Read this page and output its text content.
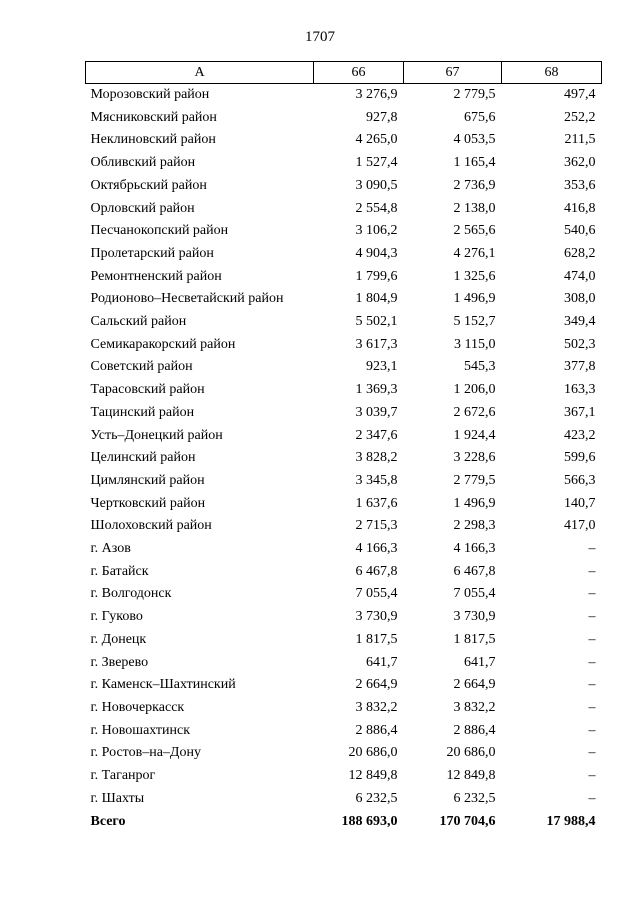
1707
А	66	67	68
Морозовский район	3 276,9	2 779,5	497,4
Мясниковский район	927,8	675,6	252,2
Неклиновский район	4 265,0	4 053,5	211,5
Обливский район	1 527,4	1 165,4	362,0
Октябрьский район	3 090,5	2 736,9	353,6
Орловский район	2 554,8	2 138,0	416,8
Песчанокопский район	3 106,2	2 565,6	540,6
Пролетарский район	4 904,3	4 276,1	628,2
Ремонтненский район	1 799,6	1 325,6	474,0
Родионово–Несветайский район	1 804,9	1 496,9	308,0
Сальский район	5 502,1	5 152,7	349,4
Семикаракорский район	3 617,3	3 115,0	502,3
Советский район	923,1	545,3	377,8
Тарасовский район	1 369,3	1 206,0	163,3
Тацинский район	3 039,7	2 672,6	367,1
Усть–Донецкий район	2 347,6	1 924,4	423,2
Целинский район	3 828,2	3 228,6	599,6
Цимлянский район	3 345,8	2 779,5	566,3
Чертковский район	1 637,6	1 496,9	140,7
Шолоховский район	2 715,3	2 298,3	417,0
г. Азов	4 166,3	4 166,3	–
г. Батайск	6 467,8	6 467,8	–
г. Волгодонск	7 055,4	7 055,4	–
г. Гуково	3 730,9	3 730,9	–
г. Донецк	1 817,5	1 817,5	–
г. Зверево	641,7	641,7	–
г. Каменск–Шахтинский	2 664,9	2 664,9	–
г. Новочеркасск	3 832,2	3 832,2	–
г. Новошахтинск	2 886,4	2 886,4	–
г. Ростов–на–Дону	20 686,0	20 686,0	–
г. Таганрог	12 849,8	12 849,8	–
г. Шахты	6 232,5	6 232,5	–
Всего	188 693,0	170 704,6	17 988,4
